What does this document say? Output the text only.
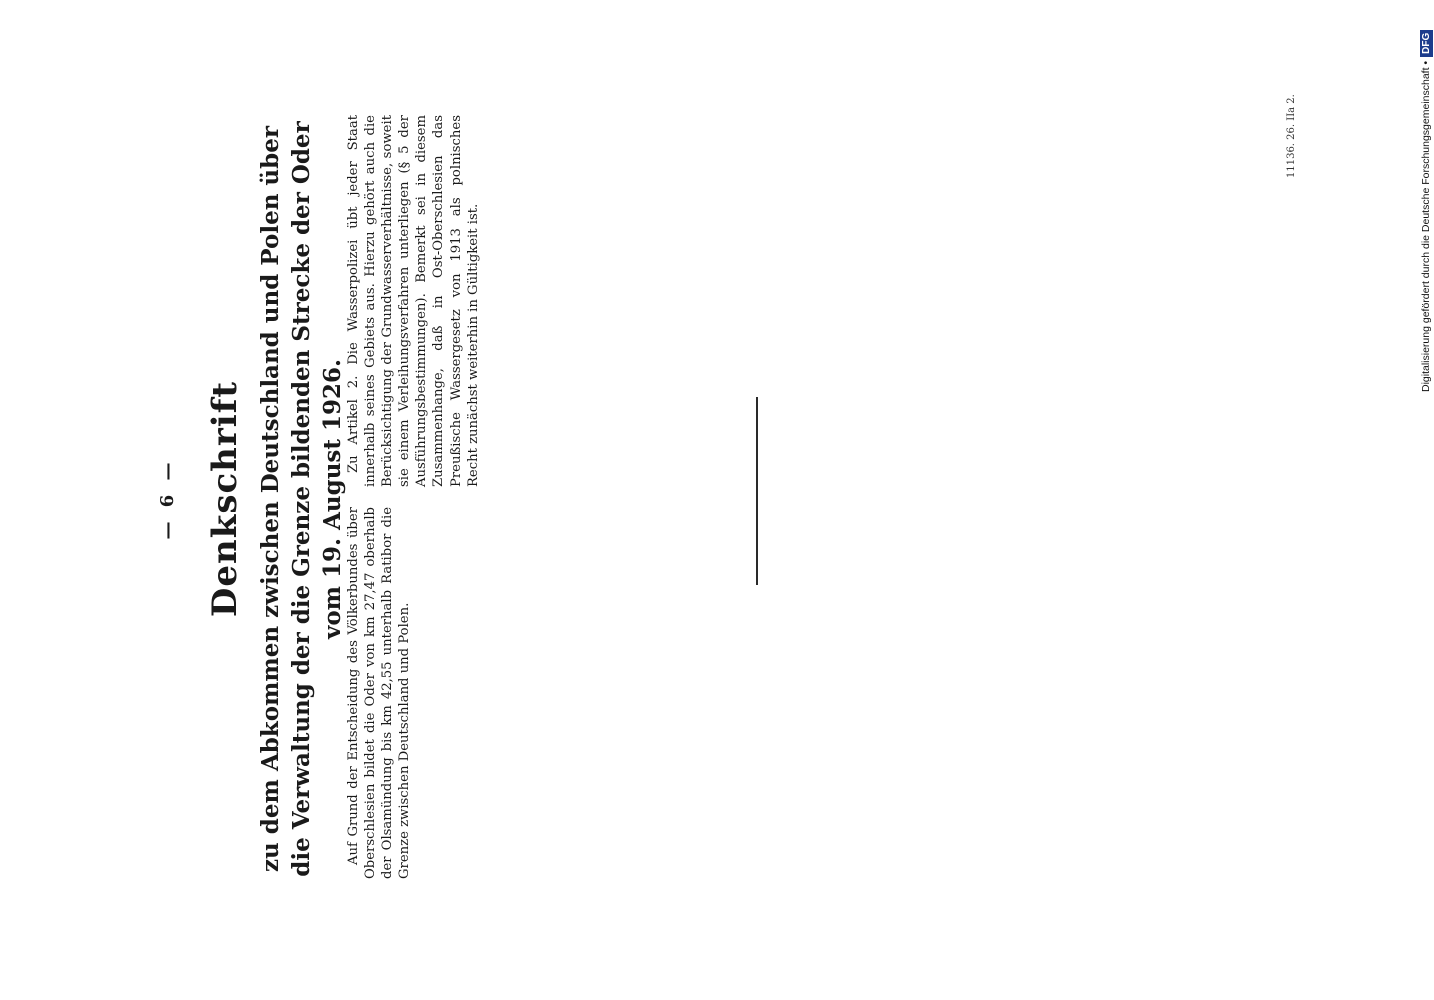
— 6 — Denkschrift zu dem Abkommen zwischen Deutschland und Polen über die Verwaltung der die Grenze bildenden Strecke der Oder vom 19. August 1926.

Auf Grund der Entscheidung des Völkerbundes über Oberschlesien bildet die Oder von km 27,47 oberhalb der Olsamündung bis km 42,55 unterhalb Ratibor die Grenze zwischen Deutschland und Polen.

Zu Artikel 2. Die Wasserpolizei übt jeder Staat innerhalb seines Gebiets aus. Hierzu gehört auch die Berücksichtigung der Grundwasserverhältnisse, soweit sie einem Verleihungsverfahren unterliegen (§ 5 der Ausführungsbestimmungen). Bemerkt sei in diesem Zusammenhange, daß in Ost-Oberschlesien das Preußische Wassergesetz von 1913 als polnisches Recht zunächst weiterhin in Gültigkeit ist.

11136. 26. IIa 2.	Digitalisierung gefördert durch die Deutsche Forschungsgemeinschaft •DFG
